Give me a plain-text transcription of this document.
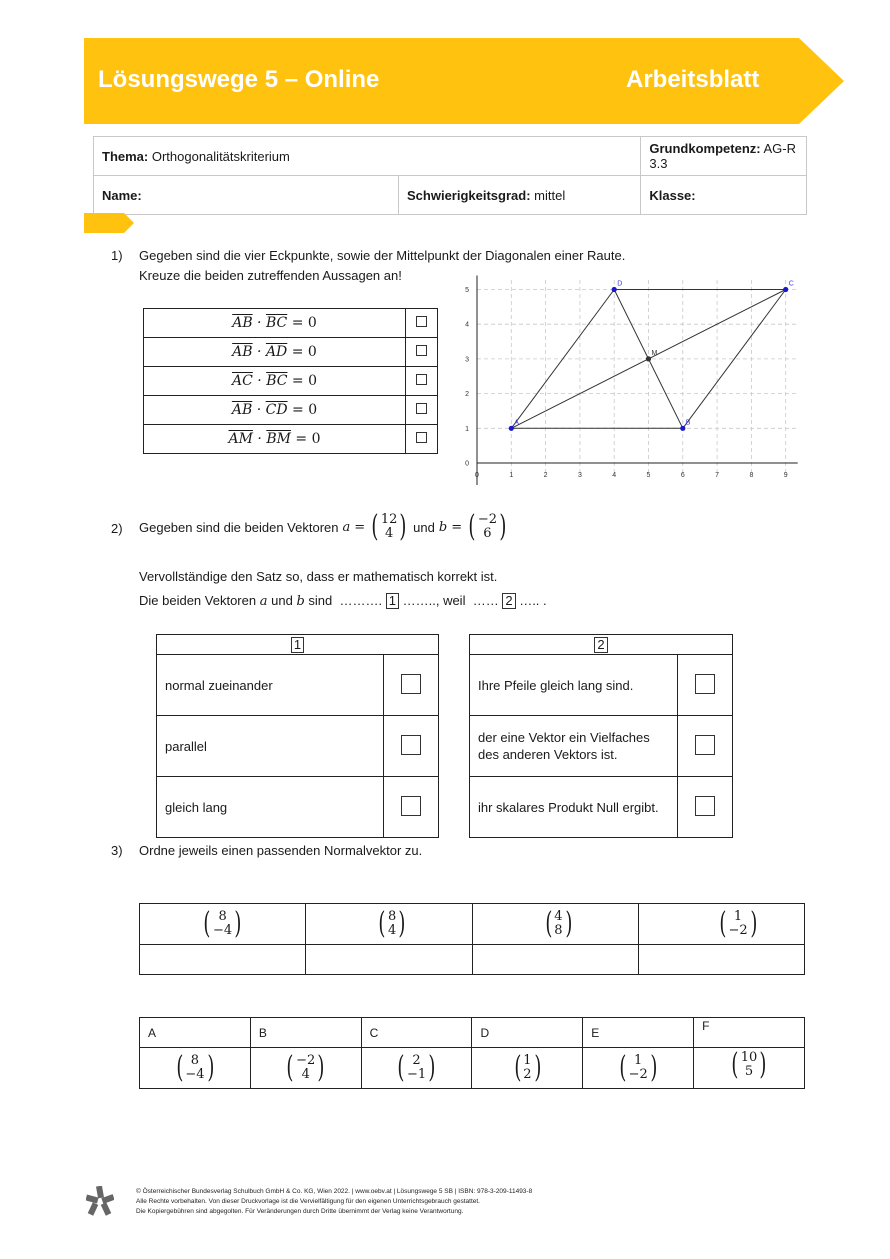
Lösungswege 5 – Online	Arbeitsblatt
Thema: Orthogonalitätskriterium		Grundkompetenz: AG-R 3.3
Name:	Schwierigkeitsgrad: mittel	Klasse:
1) Gegeben sind die vier Eckpunkte, sowie der Mittelpunkt der Diagonalen einer Raute.
Kreuze die beiden zutreffenden Aussagen an!
$\overline{AB} \cdot \overline{BC} = 0$	
$\overline{AB} \cdot \overline{AD} = 0$	
$\overline{AC} \cdot \overline{BC} = 0$	
$\overline{AB} \cdot \overline{CD} = 0$	
$\overline{AM} \cdot \overline{BM} = 0$	
0	1	2	3	4	5	6	7	8	9
0
1
2
3
4
5
A	B
C
D
M
2) Gegeben sind die beiden Vektoren a = ( 12
4 ) und b = ( −2
6 )
Vervollständige den Satz so, dass er mathematisch korrekt ist.
Die beiden Vektoren a und b sind ………. 1 …….., weil …… 2 ….. .
1	
normal zueinander	
parallel	
gleich lang	
2	
Ihre Pfeile gleich lang sind.	
der eine Vektor ein Vielfaches
des anderen Vektors ist.	
ihr skalares Produkt Null ergibt.	
3) Ordne jeweils einen passenden Normalvektor zu.
( 8
−4 )	( 8
4 )	( 4
8 )	( 1
−2 )

A	B	C	D	E	F

( 8
−4 )	( −2
4 )	( 2
−1 )	( 1
2 )	( 1
−2 )	( 10
5 )
© Österreichischer Bundesverlag Schulbuch GmbH & Co. KG, Wien 2022. | www.oebv.at | Lösungswege 5 SB | ISBN: 978-3-209-11493-8
Alle Rechte vorbehalten. Von dieser Druckvorlage ist die Vervielfältigung für den eigenen Unterrichtsgebrauch gestattet.
Die Kopiergebühren sind abgegolten. Für Veränderungen durch Dritte übernimmt der Verlag keine Verantwortung.
